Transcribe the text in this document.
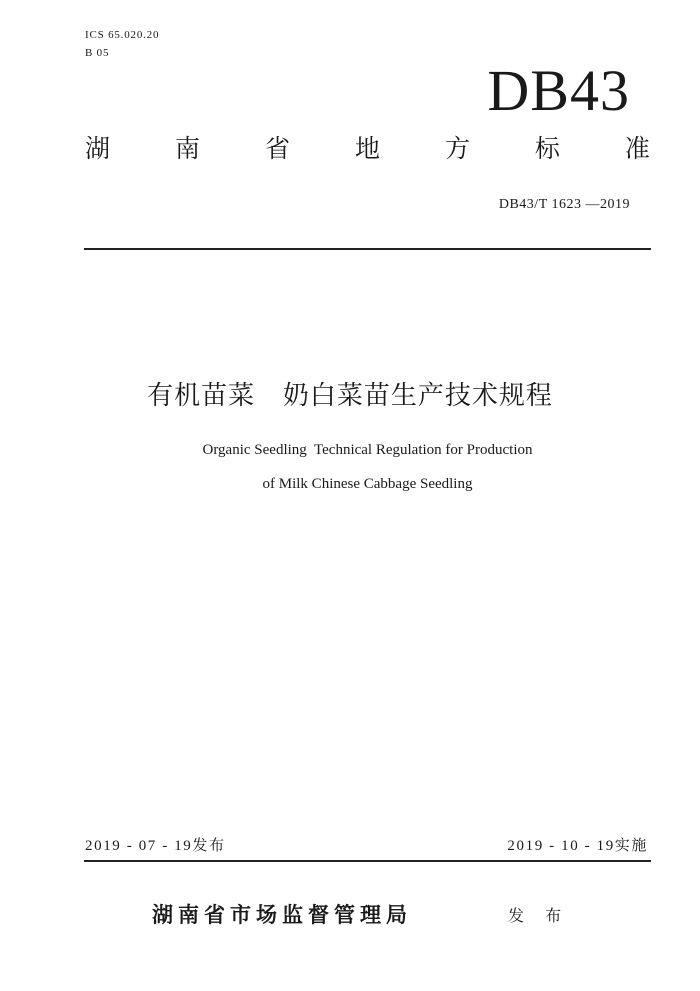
ICS 65.020.20
B 05
DB43
湖	南	省	地	方	标	准
DB43/T 1623 —2019
有机苗菜   奶白菜苗生产技术规程
Organic Seedling  Technical Regulation for Production
of Milk Chinese Cabbage Seedling
2019 - 07 - 19发布	2019 - 10 - 19实施
湖南省市场监督管理局	发 布
